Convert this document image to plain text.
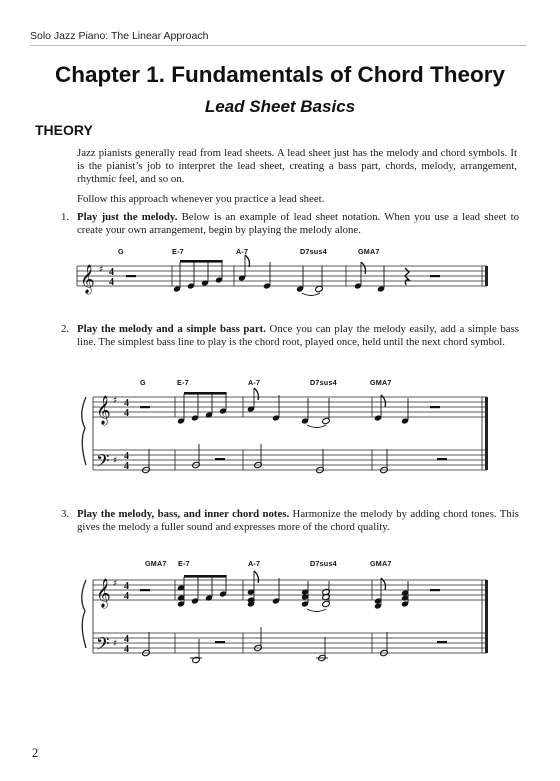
Solo Jazz Piano: The Linear Approach
Chapter 1. Fundamentals of Chord Theory
Lead Sheet Basics
THEORY

Jazz pianists generally read from lead sheets. A lead sheet just has the melody and chord symbols. It is the pianist’s job to interpret the lead sheet, creating a bass part, chords, melody, arrangement, rhythmic feel, and so on.

Follow this approach whenever you practice a lead sheet.

1. Play just the melody. Below is an example of lead sheet notation. When you use a lead sheet to create your own arrangement, begin by playing the melody alone.
G	E-7	A-7	D7sus4	GMA7
𝄞 ♯ 4
4
2. Play the melody and a simple bass part. Once you can play the melody easily, add a simple bass line. The simplest bass line to play is the chord root, played once, held until the next chord symbol.
G	E-7	A-7	D7sus4	GMA7
𝄞
𝄢
♯
♯
4
4
4
4
3. Play the melody, bass, and inner chord notes. Harmonize the melody by adding chord tones. This gives the melody a fuller sound and expresses more of the chord quality.
GMA7 E-7	A-7	D7sus4	GMA7
𝄞
𝄢
♯
♯
4
4
4
4
2
